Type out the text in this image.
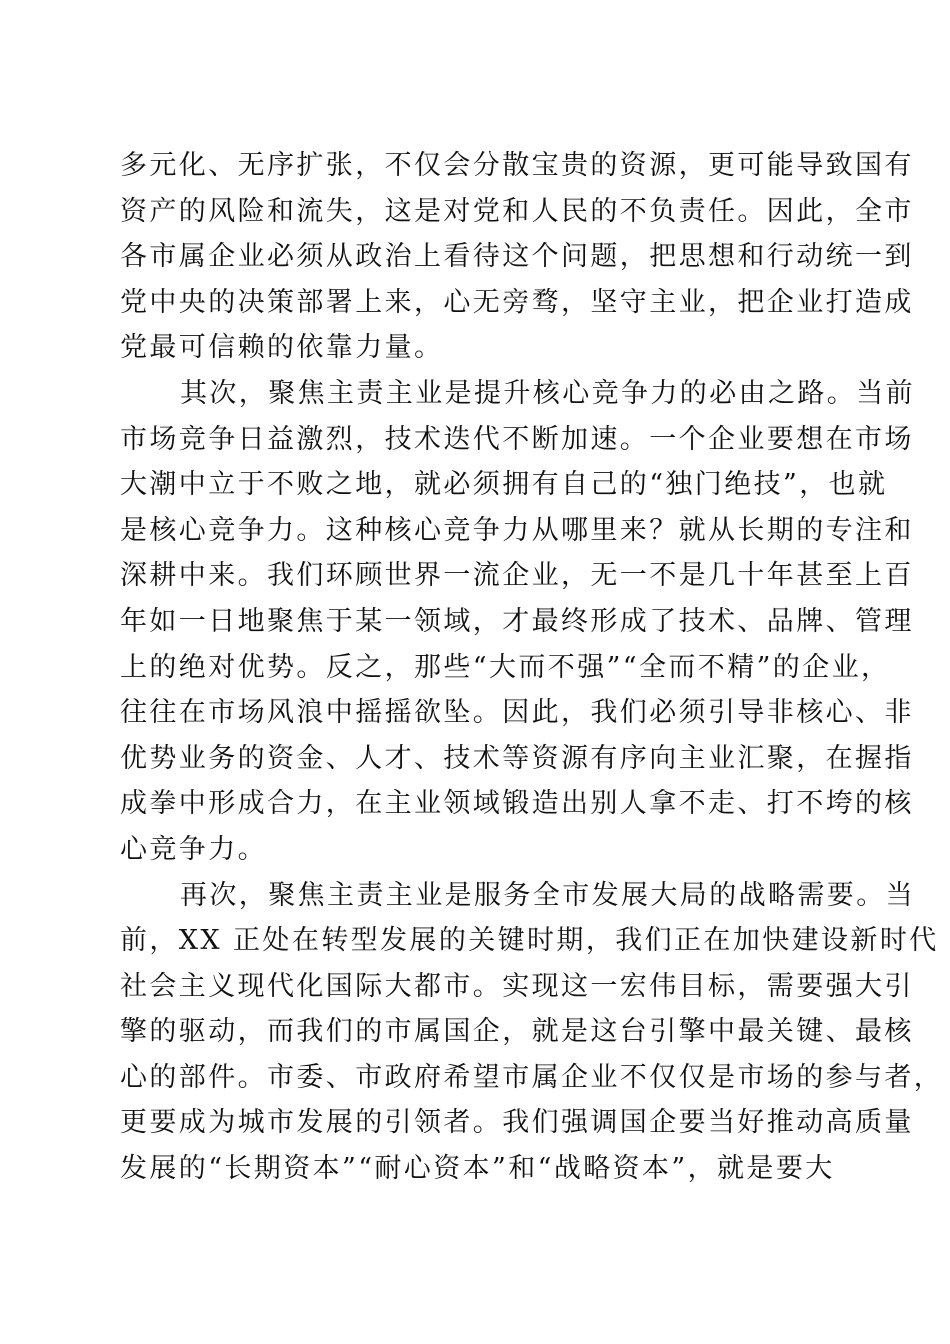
多元化、无序扩张，不仅会分散宝贵的资源，更可能导致国有
资产的风险和流失，这是对党和人民的不负责任。因此，全市
各市属企业必须从政治上看待这个问题，把思想和行动统一到
党中央的决策部署上来，心无旁骛，坚守主业，把企业打造成
党最可信赖的依靠力量。
其次，聚焦主责主业是提升核心竞争力的必由之路。当前
市场竞争日益激烈，技术迭代不断加速。一个企业要想在市场
大潮中立于不败之地，就必须拥有自己的“独门绝技”，也就
是核心竞争力。这种核心竞争力从哪里来？就从长期的专注和
深耕中来。我们环顾世界一流企业，无一不是几十年甚至上百
年如一日地聚焦于某一领域，才最终形成了技术、品牌、管理
上的绝对优势。反之，那些“大而不强”“全而不精”的企业，
往往在市场风浪中摇摇欲坠。因此，我们必须引导非核心、非
优势业务的资金、人才、技术等资源有序向主业汇聚，在握指
成拳中形成合力，在主业领域锻造出别人拿不走、打不垮的核
心竞争力。
再次，聚焦主责主业是服务全市发展大局的战略需要。当
前，XX 正处在转型发展的关键时期，我们正在加快建设新时代
社会主义现代化国际大都市。实现这一宏伟目标，需要强大引
擎的驱动，而我们的市属国企，就是这台引擎中最关键、最核
心的部件。市委、市政府希望市属企业不仅仅是市场的参与者，
更要成为城市发展的引领者。我们强调国企要当好推动高质量
发展的“长期资本”“耐心资本”和“战略资本”，就是要大
